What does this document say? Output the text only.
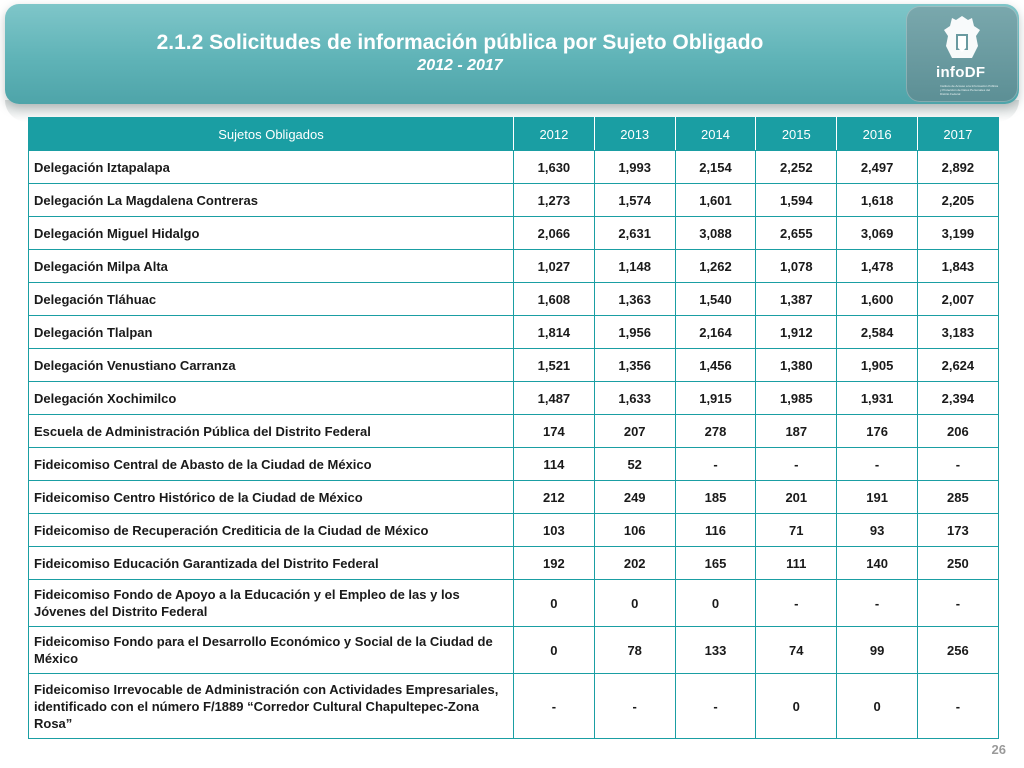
2.1.2 Solicitudes de información pública por Sujeto Obligado

2012 - 2017	infoDF
Instituto de Acceso a la Información Pública y Protección de Datos Personales del Distrito Federal
Sujetos Obligados	2012	2013	2014	2015	2016	2017
Delegación Iztapalapa	1,630	1,993	2,154	2,252	2,497	2,892
Delegación La Magdalena Contreras	1,273	1,574	1,601	1,594	1,618	2,205
Delegación Miguel Hidalgo	2,066	2,631	3,088	2,655	3,069	3,199
Delegación Milpa Alta	1,027	1,148	1,262	1,078	1,478	1,843
Delegación Tláhuac	1,608	1,363	1,540	1,387	1,600	2,007
Delegación Tlalpan	1,814	1,956	2,164	1,912	2,584	3,183
Delegación Venustiano Carranza	1,521	1,356	1,456	1,380	1,905	2,624
Delegación Xochimilco	1,487	1,633	1,915	1,985	1,931	2,394
Escuela de Administración Pública del Distrito Federal	174	207	278	187	176	206
Fideicomiso Central de Abasto de la Ciudad de México	114	52	-	-	-	-
Fideicomiso Centro Histórico de la Ciudad de México	212	249	185	201	191	285
Fideicomiso de Recuperación Crediticia de la Ciudad de México	103	106	116	71	93	173
Fideicomiso Educación Garantizada del Distrito Federal	192	202	165	111	140	250
Fideicomiso Fondo de Apoyo a la Educación y el Empleo de las y los Jóvenes del Distrito Federal	0	0	0	-	-	-
Fideicomiso Fondo para el Desarrollo Económico y Social de la Ciudad de México	0	78	133	74	99	256
Fideicomiso Irrevocable de Administración con Actividades Empresariales, identificado con el número F/1889 “Corredor Cultural Chapultepec-Zona Rosa”	-	-	-	0	0	-
26
